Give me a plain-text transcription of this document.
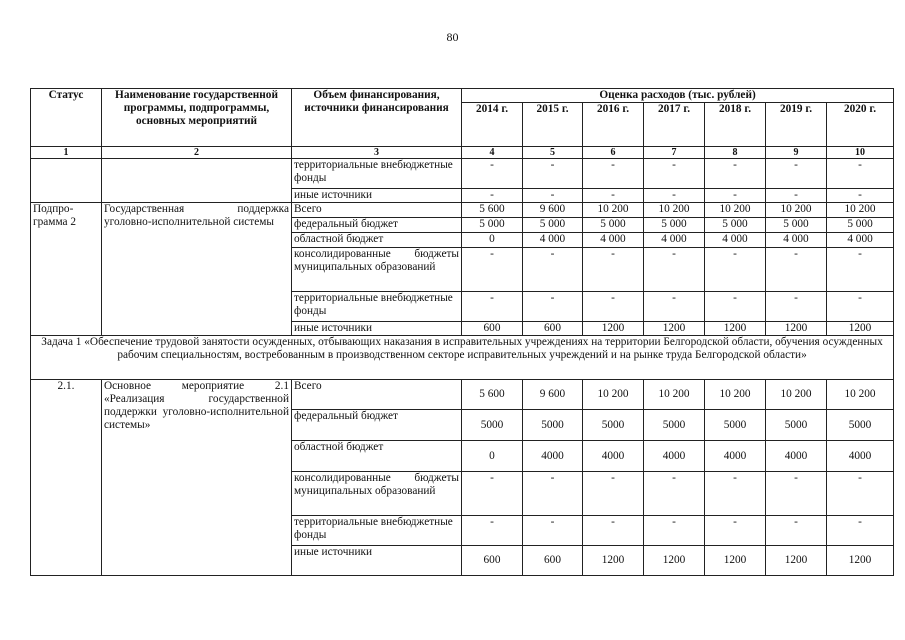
80
Статус	Наименование государственной программы, подпрограммы, основных мероприятий	Объем финансирования, источники финансирования	Оценка расходов (тыс. рублей)						
			2014 г.	2015 г.	2016 г.	2017 г.	2018 г.	2019 г.	2020 г.
1	2	3	4	5	6	7	8	9	10
		территориальные внебюджетные фонды	-	-	-	-	-	-	-
		иные источники	-	-	-	-	-	-	-
Подпро-грамма 2	Государственная поддержка уголовно-исполнительной системы	Всего	5 600	9 600	10 200	10 200	10 200	10 200	10 200
		федеральный бюджет	5 000	5 000	5 000	5 000	5 000	5 000	5 000
		областной бюджет	0	4 000	4 000	4 000	4 000	4 000	4 000
		консолидированные бюджеты муниципальных образований	-	-	-	-	-	-	-
		территориальные внебюджетные фонды	-	-	-	-	-	-	-
		иные источники	600	600	1200	1200	1200	1200	1200
Задача 1 «Обеспечение трудовой занятости осужденных, отбывающих наказания в исправительных учреждениях на территории Белгородской области, обучения осужденных рабочим специальностям, востребованным в производственном секторе исправительных учреждений и на рынке труда Белгородской области»									
2.1.	Основное мероприятие 2.1 «Реализация государственной поддержки уголовно-исполнительной системы»	Всего	5 600	9 600	10 200	10 200	10 200	10 200	10 200
		федеральный бюджет	5000	5000	5000	5000	5000	5000	5000
		областной бюджет	0	4000	4000	4000	4000	4000	4000
		консолидированные бюджеты муниципальных образований	-	-	-	-	-	-	-
		территориальные внебюджетные фонды	-	-	-	-	-	-	-
		иные источники	600	600	1200	1200	1200	1200	1200
